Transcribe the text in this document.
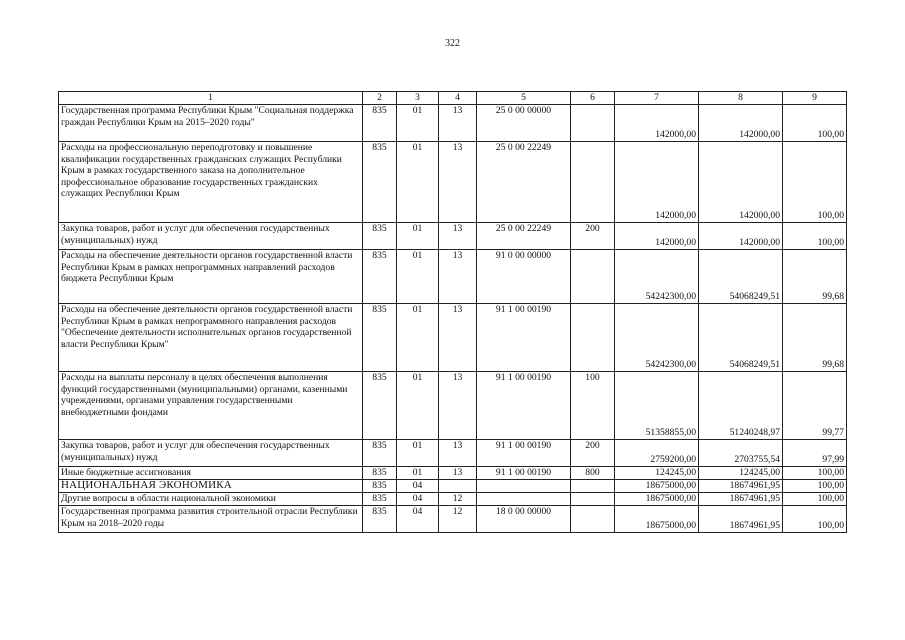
322
1	2	3	4	5	6	7	8	9
Государственная программа Республики Крым "Социальная поддержка граждан Республики Крым на 2015–2020 годы"	835	01	13	25 0 00 00000		142000,00	142000,00	100,00
Расходы на профессиональную переподготовку и повышение квалификации государственных гражданских служащих Республики Крым в рамках государственного заказа на дополнительное профессиональное образование государственных гражданских служащих Республики Крым	835	01	13	25 0 00 22249		142000,00	142000,00	100,00
Закупка товаров, работ и услуг для обеспечения государственных (муниципальных) нужд	835	01	13	25 0 00 22249	200	142000,00	142000,00	100,00
Расходы на обеспечение деятельности органов государственной власти Республики Крым в рамках непрограммных направлений расходов бюджета Республики Крым	835	01	13	91 0 00 00000		54242300,00	54068249,51	99,68
Расходы на обеспечение деятельности органов государственной власти Республики Крым в рамках непрограммного направления расходов "Обеспечение деятельности исполнительных органов государственной власти Республики Крым"	835	01	13	91 1 00 00190		54242300,00	54068249,51	99,68
Расходы на выплаты персоналу в целях обеспечения выполнения функций государственными (муниципальными) органами, казенными учреждениями, органами управления государственными внебюджетными фондами	835	01	13	91 1 00 00190	100	51358855,00	51240248,97	99,77
Закупка товаров, работ и услуг для обеспечения государственных (муниципальных) нужд	835	01	13	91 1 00 00190	200	2759200,00	2703755,54	97,99
Иные бюджетные ассигнования	835	01	13	91 1 00 00190	800	124245,00	124245,00	100,00
НАЦИОНАЛЬНАЯ ЭКОНОМИКА	835	04				18675000,00	18674961,95	100,00
Другие вопросы в области национальной экономики	835	04	12			18675000,00	18674961,95	100,00
Государственная программа развития строительной отрасли Республики Крым на 2018–2020 годы	835	04	12	18 0 00 00000		18675000,00	18674961,95	100,00
